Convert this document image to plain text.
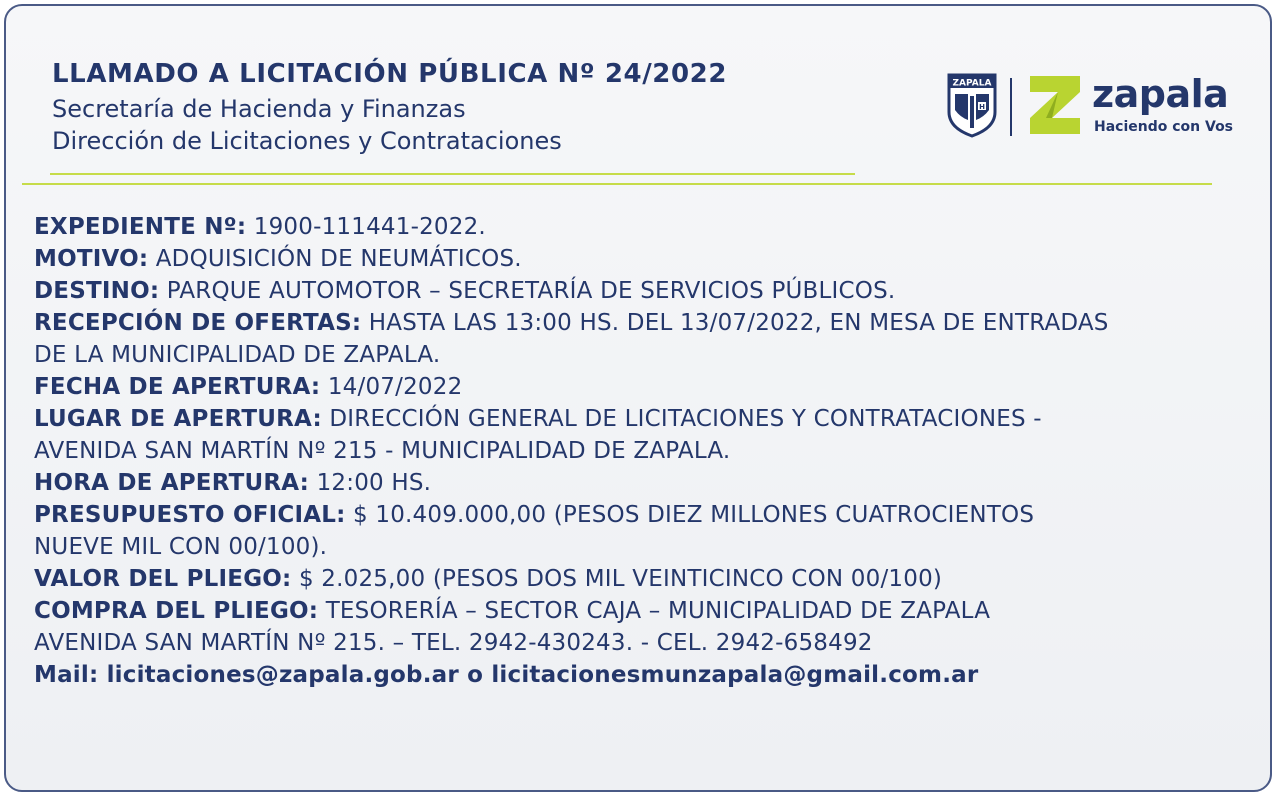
LLAMADO A LICITACIÓN PÚBLICA Nº 24/2022

Secretaría de Hacienda y Finanzas

Dirección de Licitaciones y Contrataciones

ZAPALA
H	zapala

Haciendo con Vos

EXPEDIENTE Nº: 1900-111441-2022.
MOTIVO: ADQUISICIÓN DE NEUMÁTICOS.
DESTINO: PARQUE AUTOMOTOR – SECRETARÍA DE SERVICIOS PÚBLICOS.
RECEPCIÓN DE OFERTAS: HASTA LAS 13:00 HS. DEL 13/07/2022, EN MESA DE ENTRADAS
DE LA MUNICIPALIDAD DE ZAPALA.
FECHA DE APERTURA: 14/07/2022
LUGAR DE APERTURA: DIRECCIÓN GENERAL DE LICITACIONES Y CONTRATACIONES -
AVENIDA SAN MARTÍN Nº 215 - MUNICIPALIDAD DE ZAPALA.
HORA DE APERTURA: 12:00 HS.
PRESUPUESTO OFICIAL: $ 10.409.000,00 (PESOS DIEZ MILLONES CUATROCIENTOS
NUEVE MIL CON 00/100).
VALOR DEL PLIEGO: $ 2.025,00 (PESOS DOS MIL VEINTICINCO CON 00/100)
COMPRA DEL PLIEGO: TESORERÍA – SECTOR CAJA – MUNICIPALIDAD DE ZAPALA
AVENIDA SAN MARTÍN Nº 215. – TEL. 2942-430243. - CEL. 2942-658492
Mail: licitaciones@zapala.gob.ar o licitacionesmunzapala@gmail.com.ar
